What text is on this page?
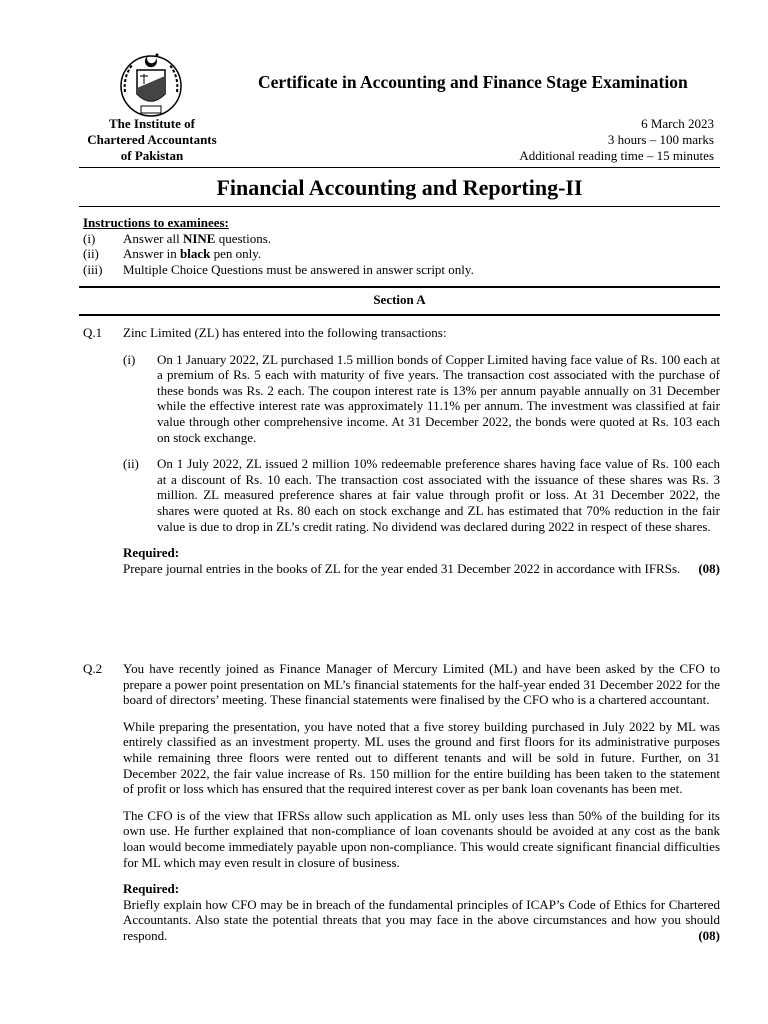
Certificate in Accounting and Finance Stage Examination
The Institute of
Chartered Accountants
of Pakistan
6 March 2023
3 hours – 100 marks
Additional reading time – 15 minutes
Financial Accounting and Reporting-II
Instructions to examinees:
(i)	Answer all NINE questions.
(ii)	Answer in black pen only.
(iii)	Multiple Choice Questions must be answered in answer script only.
Section A
Q.1	Zinc Limited (ZL) has entered into the following transactions:

(i)	On 1 January 2022, ZL purchased 1.5 million bonds of Copper Limited having face value of Rs. 100 each at a premium of Rs. 5 each with maturity of five years. The transaction cost associated with the purchase of these bonds was Rs. 2 each. The coupon interest rate is 13% per annum payable annually on 31 December while the effective interest rate was approximately 11.1% per annum. The investment was classified at fair value through other comprehensive income. At 31 December 2022, the bonds were quoted at Rs. 103 each on stock exchange.
(ii)	On 1 July 2022, ZL issued 2 million 10% redeemable preference shares having face value of Rs. 100 each at a discount of Rs. 10 each. The transaction cost associated with the issuance of these shares was Rs. 3 million. ZL measured preference shares at fair value through profit or loss. At 31 December 2022, the shares were quoted at Rs. 80 each on stock exchange and ZL has estimated that 70% reduction in the fair value is due to drop in ZL’s credit rating. No dividend was declared during 2022 in respect of these shares.
Required:

Prepare journal entries in the books of ZL for the year ended 31 December 2022 in accordance with IFRSs.	(08)
Q.2	You have recently joined as Finance Manager of Mercury Limited (ML) and have been asked by the CFO to prepare a power point presentation on ML’s financial statements for the half-year ended 31 December 2022 for the board of directors’ meeting. These financial statements were finalised by the CFO who is a chartered accountant.

While preparing the presentation, you have noted that a five storey building purchased in July 2022 by ML was entirely classified as an investment property. ML uses the ground and first floors for its administrative purposes while remaining three floors were rented out to different tenants and will be sold in future. Further, on 31 December 2022, the fair value increase of Rs. 150 million for the entire building has been taken to the statement of profit or loss which has ensured that the required interest cover as per bank loan covenants has been met.

The CFO is of the view that IFRSs allow such application as ML only uses less than 50% of the building for its own use. He further explained that non-compliance of loan covenants should be avoided at any cost as the bank loan would become immediately payable upon non-compliance. This would create significant financial difficulties for ML which may even result in closure of business.

Required:

Briefly explain how CFO may be in breach of the fundamental principles of ICAP’s Code of Ethics for Chartered Accountants. Also state the potential threats that you may face in the above circumstances and how you should respond.	(08)
